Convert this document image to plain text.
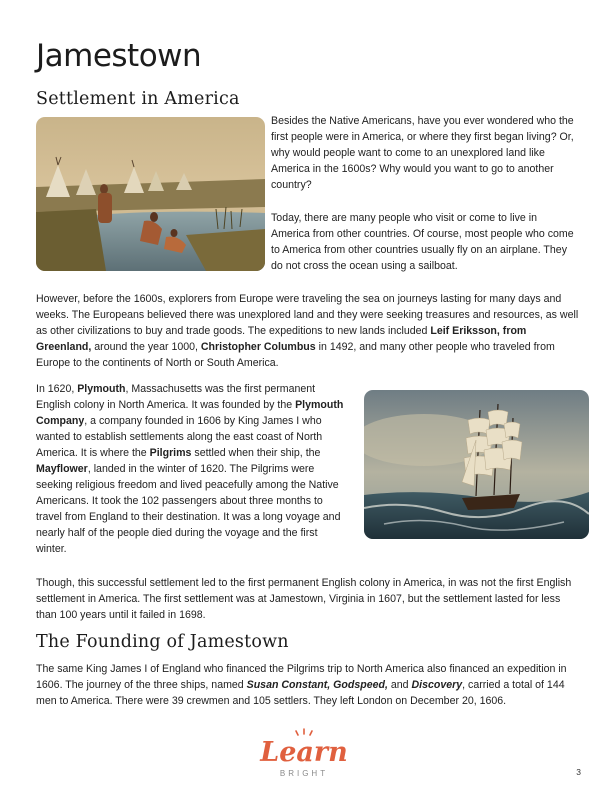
Jamestown
Settlement in America

Besides the Native Americans, have you ever wondered who the first people were in America, or where they first began living? Or, why would people want to come to an unexplored land like America in the 1600s? Why would you want to go to another country?

Today, there are many people who visit or come to live in America from other countries. Of course, most people who come to America from other countries usually fly on an airplane. They do not cross the ocean using a sailboat.

However, before the 1600s, explorers from Europe were traveling the sea on journeys lasting for many days and weeks. The Europeans believed there was unexplored land and they were seeking treasures and resources, as well as other civilizations to buy and trade goods. The expeditions to new lands included Leif Eriksson, from Greenland, around the year 1000, Christopher Columbus in 1492, and many other people who traveled from Europe to the continents of North or South America.

In 1620, Plymouth, Massachusetts was the first permanent English colony in North America. It was founded by the Plymouth Company, a company founded in 1606 by King James I who wanted to establish settlements along the east coast of North America. It is where the Pilgrims settled when their ship, the Mayflower, landed in the winter of 1620. The Pilgrims were seeking religious freedom and lived peacefully among the Native Americans. It took the 102 passengers about three months to travel from England to their destination. It was a long voyage and nearly half of the people died during the voyage and the first winter.

Though, this successful settlement led to the first permanent English colony in America, in was not the first English settlement in America. The first settlement was at Jamestown, Virginia in 1607, but the settlement lasted for less than 100 years until it failed in 1698.

The Founding of Jamestown

The same King James I of England who financed the Pilgrims trip to North America also financed an expedition in 1606. The journey of the three ships, named Susan Constant, Godspeed, and Discovery, carried a total of 144 men to America. There were 39 crewmen and 105 settlers. They left London on December 20, 1606.

Learn
BRIGHT	3
